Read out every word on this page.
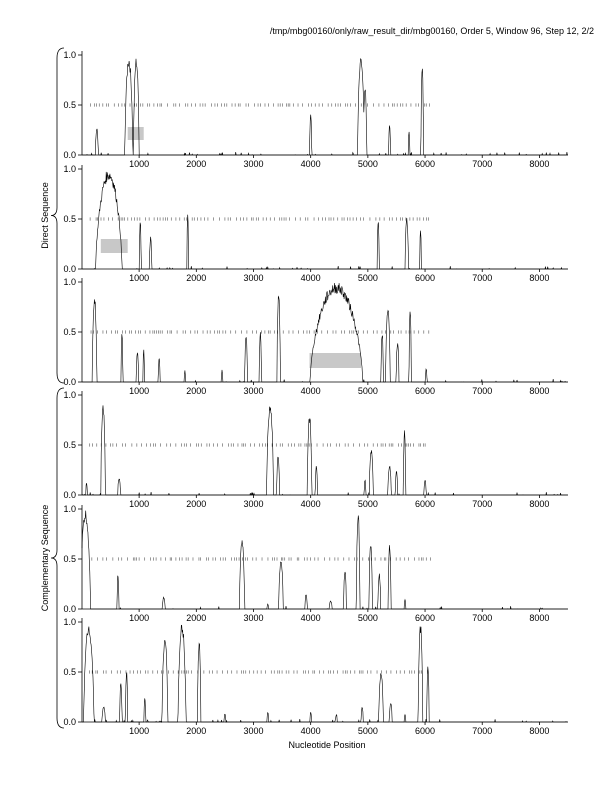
/tmp/mbg00160/only/raw_result_dir/mbg00160, Order 5, Window 96, Step 12, 2/2
0.0
0.5
1.0
1000	2000	3000	4000	5000	6000	7000	8000
0.0
0.5
1.0
1000	2000	3000	4000	5000	6000	7000	8000
0.0
0.5
1.0
1000	2000	3000	4000	5000	6000	7000	8000
0.0
0.5
1.0
1000	2000	3000	4000	5000	6000	7000	8000
0.0
0.5
1.0
1000	2000	3000	4000	5000	6000	7000	8000
0.0
0.5
1.0
1000	2000	3000	4000	5000	6000	7000	8000
Direct Sequence
Complementary Sequence
Nucleotide Position
